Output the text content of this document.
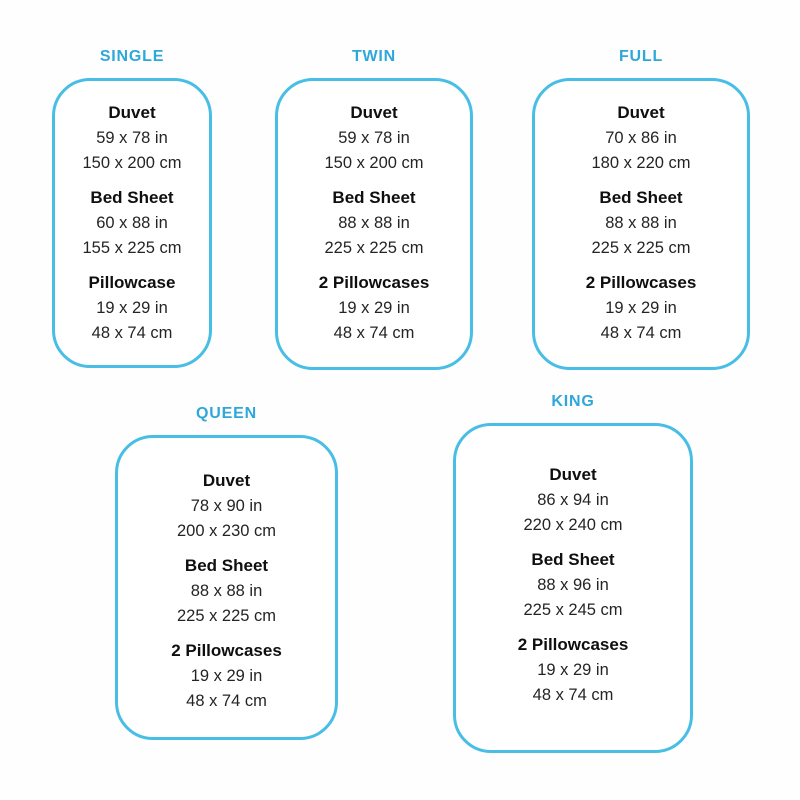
SINGLE
Duvet
59 x 78 in
150 x 200 cm
Bed Sheet
60 x 88 in
155 x 225 cm
Pillowcase
19 x 29 in
48 x 74 cm
TWIN
Duvet
59 x 78 in
150 x 200 cm
Bed Sheet
88 x 88 in
225 x 225 cm
2 Pillowcases
19 x 29 in
48 x 74 cm
FULL
Duvet
70 x 86 in
180 x 220 cm
Bed Sheet
88 x 88 in
225 x 225 cm
2 Pillowcases
19 x 29 in
48 x 74 cm
QUEEN
Duvet
78 x 90 in
200 x 230 cm
Bed Sheet
88 x 88 in
225 x 225 cm
2 Pillowcases
19 x 29 in
48 x 74 cm
KING
Duvet
86 x 94 in
220 x 240 cm
Bed Sheet
88 x 96 in
225 x 245 cm
2 Pillowcases
19 x 29 in
48 x 74 cm
